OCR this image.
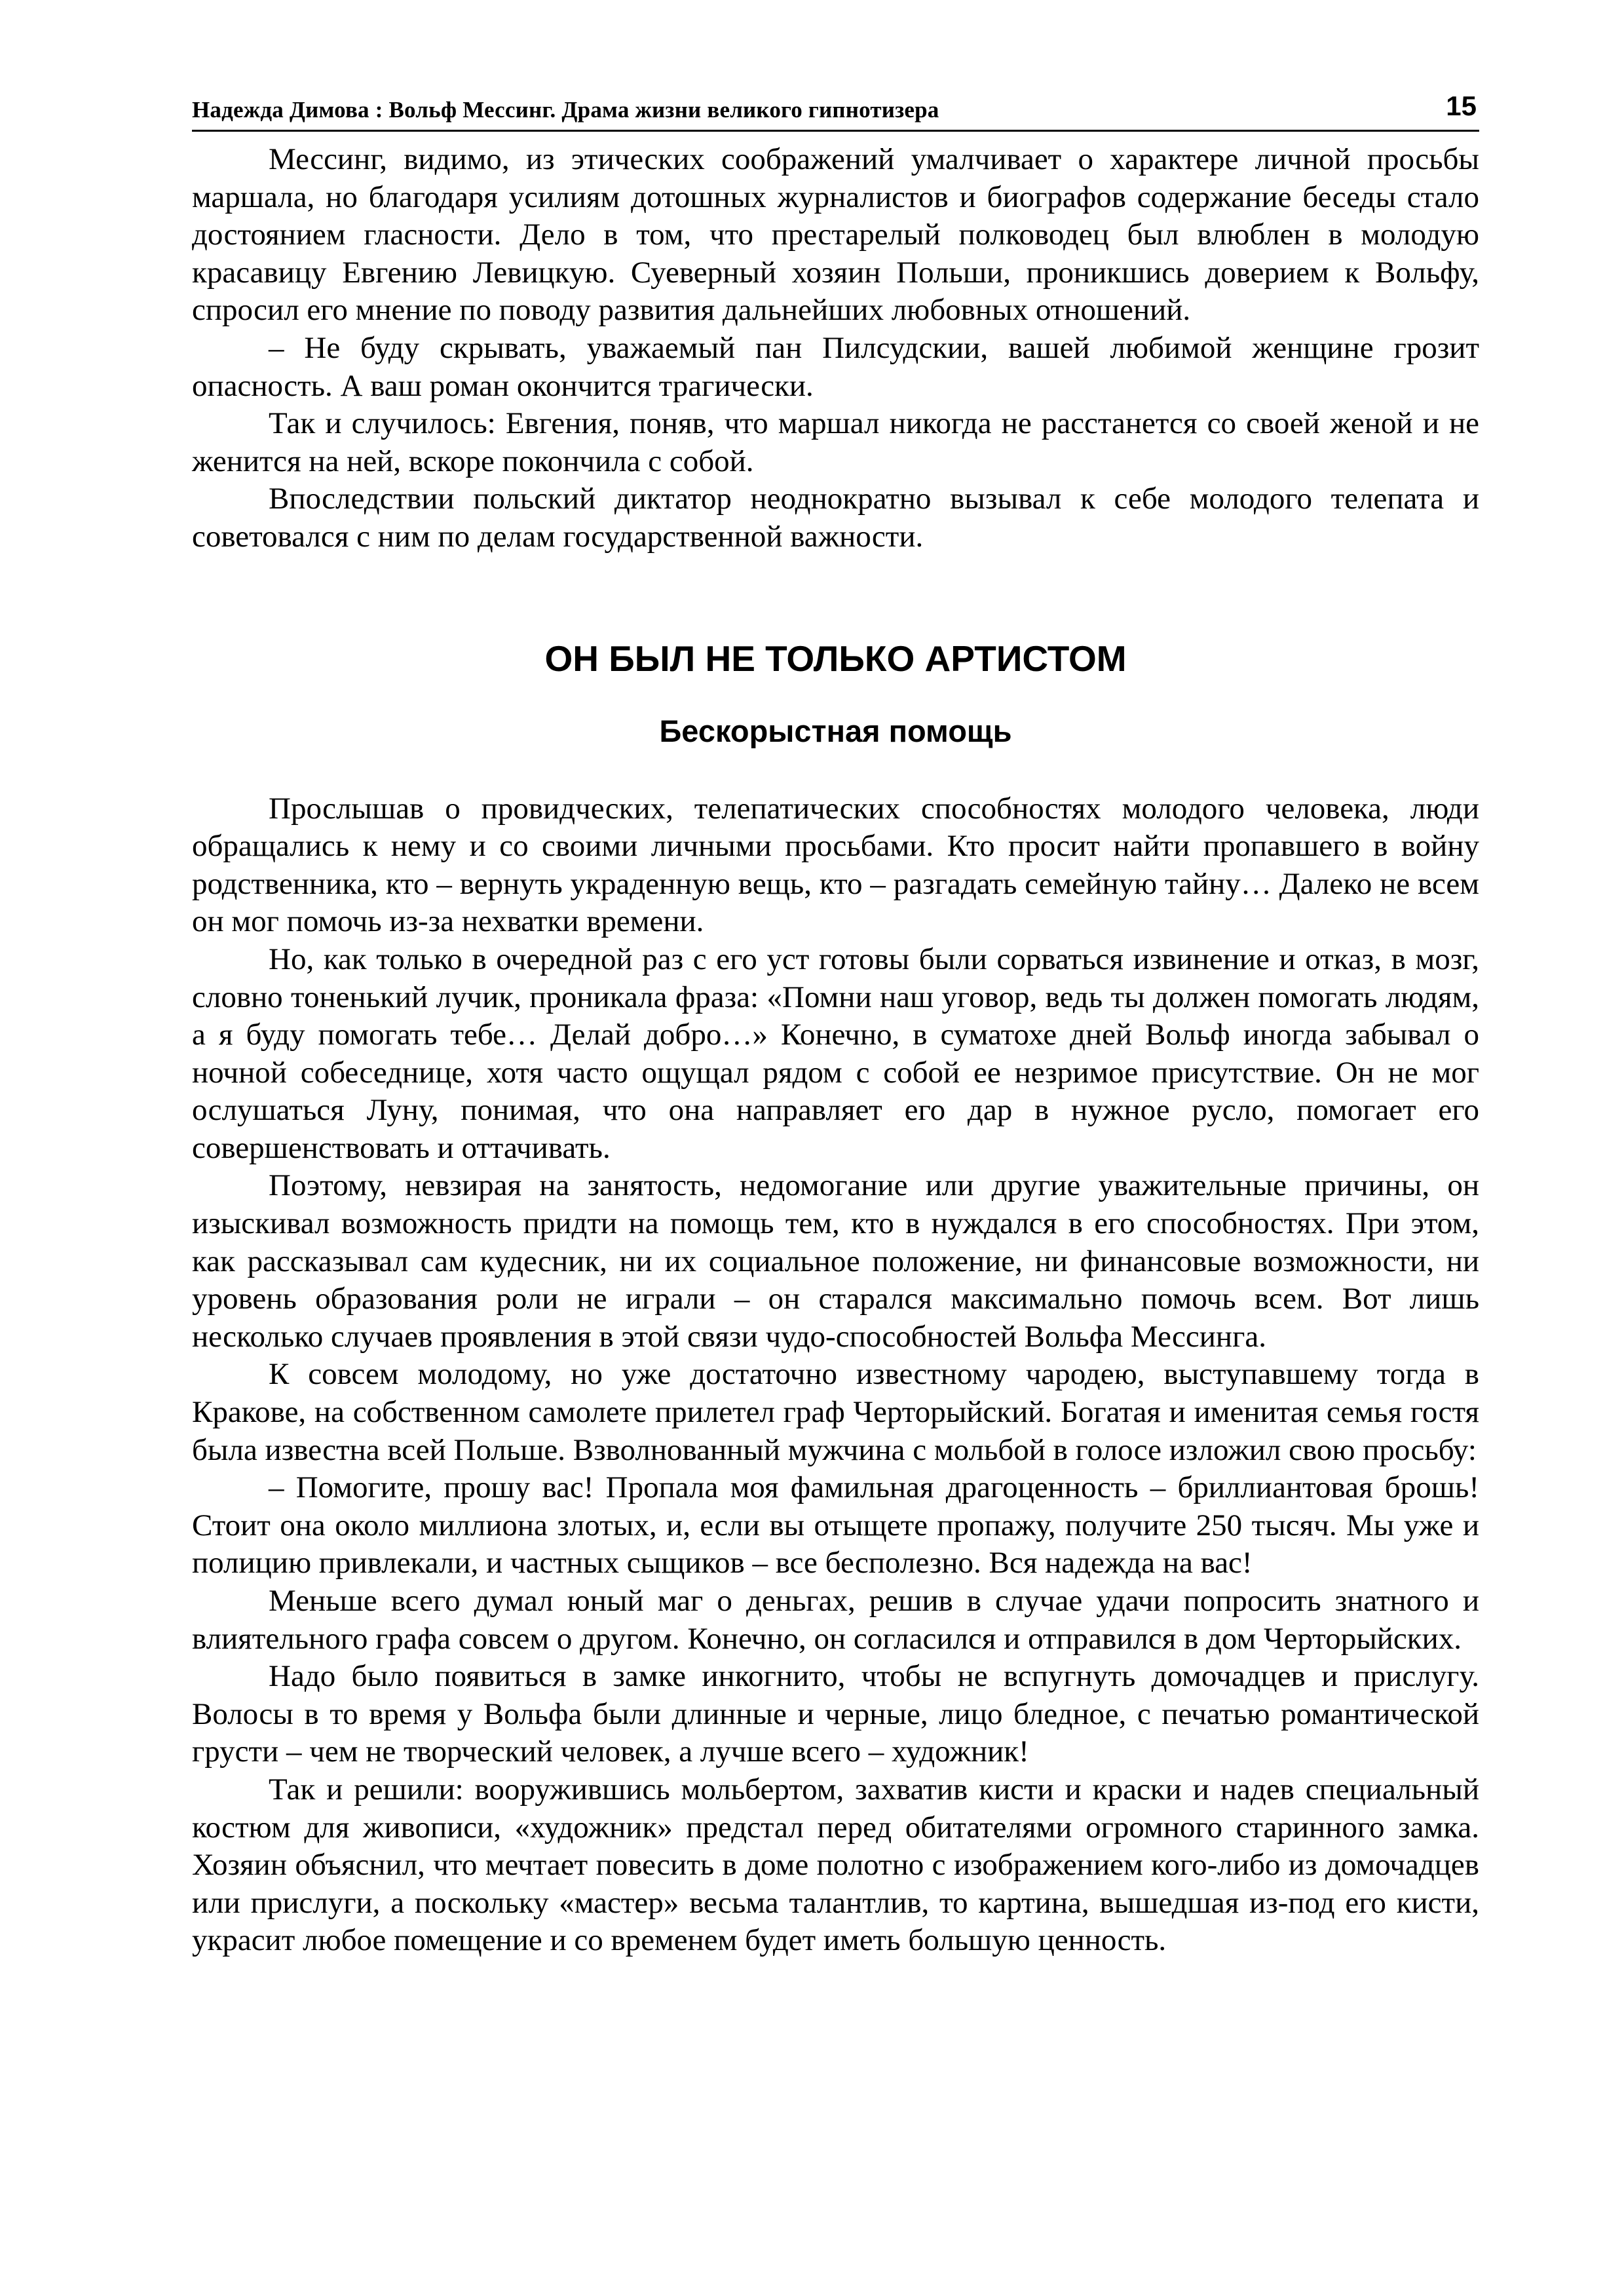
Надежда Димова : Вольф Мессинг. Драма жизни великого гипнотизера	15

Мессинг, видимо, из этических соображений умалчивает о характере личной просьбы маршала, но благодаря усилиям дотошных журналистов и биографов содержание беседы стало достоянием гласности. Дело в том, что престарелый полководец был влюблен в молодую красавицу Евгению Левицкую. Суеверный хозяин Польши, проникшись доверием к Вольфу, спросил его мнение по поводу развития дальнейших любовных отношений.

– Не буду скрывать, уважаемый пан Пилсудскии, вашей любимой женщине грозит опасность. А ваш роман окончится трагически.

Так и случилось: Евгения, поняв, что маршал никогда не расстанется со своей женой и не женится на ней, вскоре покончила с собой.

Впоследствии польский диктатор неоднократно вызывал к себе молодого телепата и советовался с ним по делам государственной важности.

ОН БЫЛ НЕ ТОЛЬКО АРТИСТОМ
Бескорыстная помощь

Прослышав о провидческих, телепатических способностях молодого человека, люди обращались к нему и со своими личными просьбами. Кто просит найти пропавшего в войну родственника, кто – вернуть украденную вещь, кто – разгадать семейную тайну… Далеко не всем он мог помочь из-за нехватки времени.

Но, как только в очередной раз с его уст готовы были сорваться извинение и отказ, в мозг, словно тоненький лучик, проникала фраза: «Помни наш уговор, ведь ты должен помогать людям, а я буду помогать тебе… Делай добро…» Конечно, в суматохе дней Вольф иногда забывал о ночной собеседнице, хотя часто ощущал рядом с собой ее незримое присутствие. Он не мог ослушаться Луну, понимая, что она направляет его дар в нужное русло, помогает его совершенствовать и оттачивать.

Поэтому, невзирая на занятость, недомогание или другие уважительные причины, он изыскивал возможность придти на помощь тем, кто в нуждался в его способностях. При этом, как рассказывал сам кудесник, ни их социальное положение, ни финансовые возможности, ни уровень образования роли не играли – он старался максимально помочь всем. Вот лишь несколько случаев проявления в этой связи чудо-способностей Вольфа Мессинга.

К совсем молодому, но уже достаточно известному чародею, выступавшему тогда в Кракове, на собственном самолете прилетел граф Черторыйский. Богатая и именитая семья гостя была известна всей Польше. Взволнованный мужчина с мольбой в голосе изложил свою просьбу:

– Помогите, прошу вас! Пропала моя фамильная драгоценность – бриллиантовая брошь! Стоит она около миллиона злотых, и, если вы отыщете пропажу, получите 250 тысяч. Мы уже и полицию привлекали, и частных сыщиков – все бесполезно. Вся надежда на вас!

Меньше всего думал юный маг о деньгах, решив в случае удачи попросить знатного и влиятельного графа совсем о другом. Конечно, он согласился и отправился в дом Черторыйских.

Надо было появиться в замке инкогнито, чтобы не вспугнуть домочадцев и прислугу. Волосы в то время у Вольфа были длинные и черные, лицо бледное, с печатью романтической грусти – чем не творческий человек, а лучше всего – художник!

Так и решили: вооружившись мольбертом, захватив кисти и краски и надев специальный костюм для живописи, «художник» предстал перед обитателями огромного старинного замка. Хозяин объяснил, что мечтает повесить в доме полотно с изображением кого-либо из домочадцев или прислуги, а поскольку «мастер» весьма талантлив, то картина, вышедшая из-под его кисти, украсит любое помещение и со временем будет иметь большую ценность.
